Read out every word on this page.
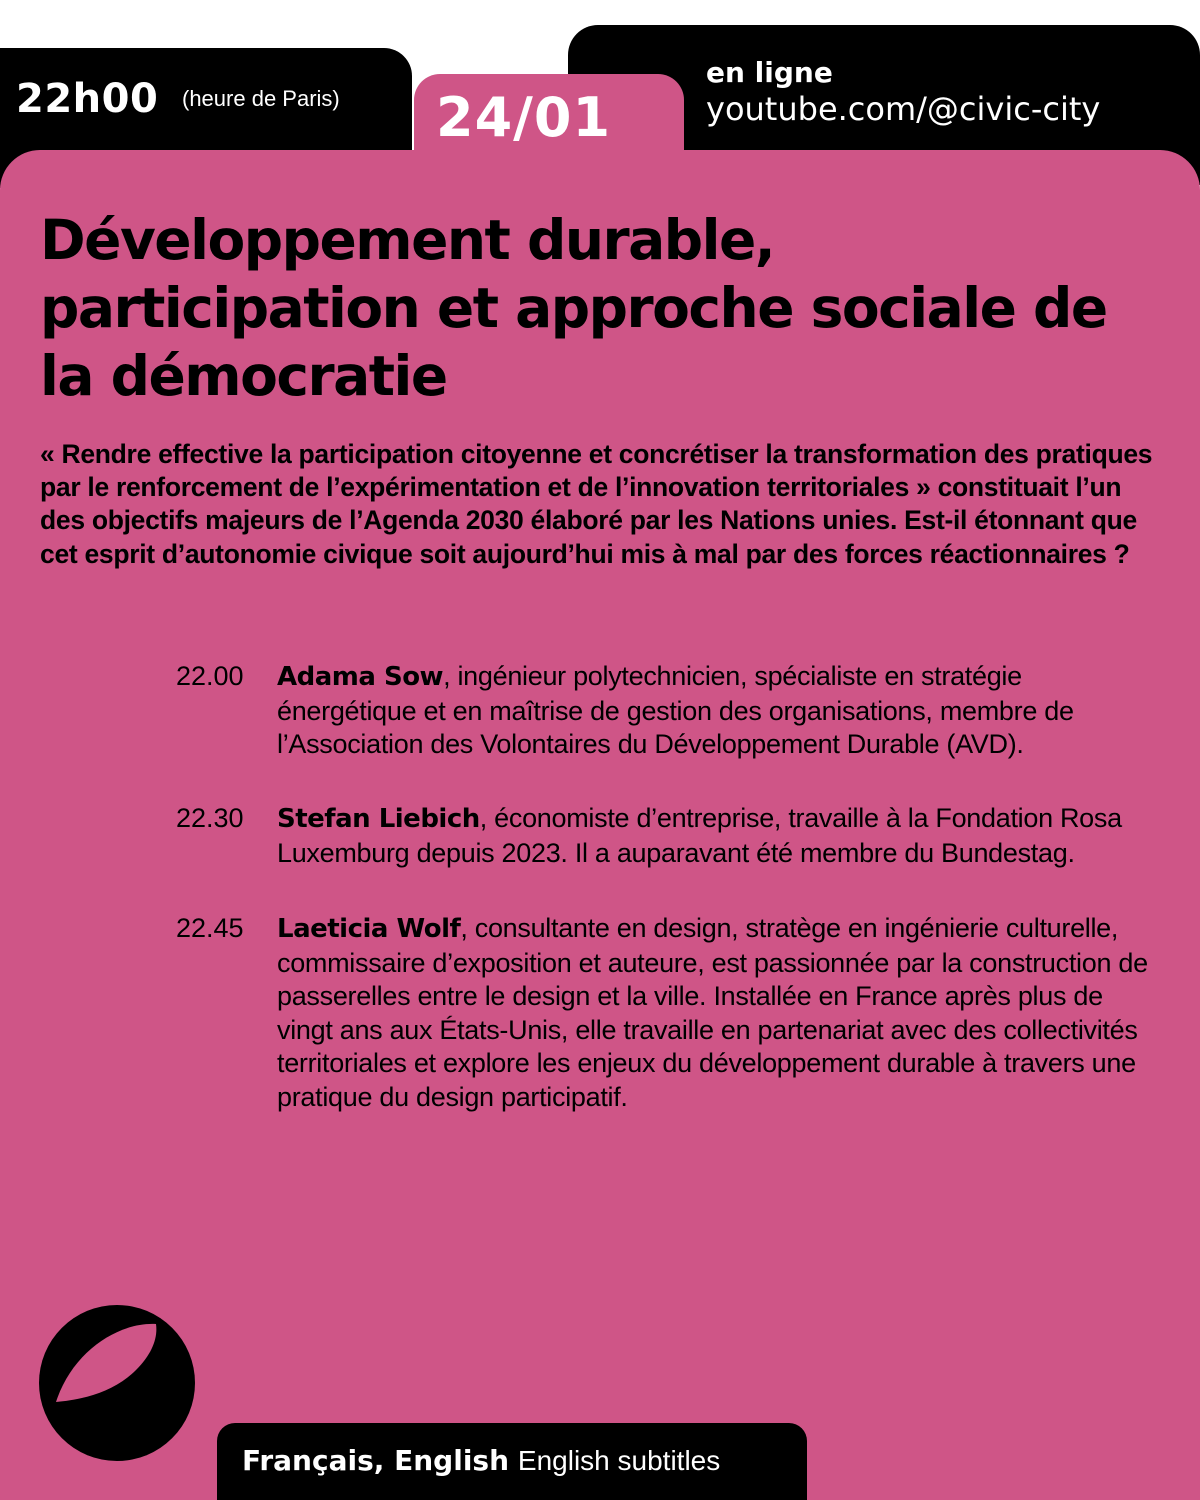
22h00 (heure de Paris) 24/01
en ligne
youtube.com/@civic-city
Développement durable, participation et approche sociale de la démocratie

« Rendre effective la participation citoyenne et concrétiser la transformation des pratiques par le renforcement de l’expérimentation et de l’innovation territoriales » constituait l’un des objectifs majeurs de l’Agenda 2030 élaboré par les Nations unies. Est-il étonnant que cet esprit d’autonomie civique soit aujourd’hui mis à mal par des forces réactionnaires ?

22.00 Adama Sow, ingénieur polytechnicien, spécialiste en stratégie énergétique et en maîtrise de gestion des organisations, membre de l’Association des Volontaires du Développement Durable (AVD).

22.30 Stefan Liebich, économiste d’entreprise, travaille à la Fondation Rosa Luxemburg depuis 2023. Il a auparavant été membre du Bundestag.

22.45 Laeticia Wolf, consultante en design, stratège en ingénierie culturelle, commissaire d’exposition et auteure, est passionnée par la construction de passerelles entre le design et la ville. Installée en France après plus de vingt ans aux États-Unis, elle travaille en partenariat avec des collectivités territoriales et explore les enjeux du développement durable à travers une pratique du design participatif.

Français, English English subtitles
